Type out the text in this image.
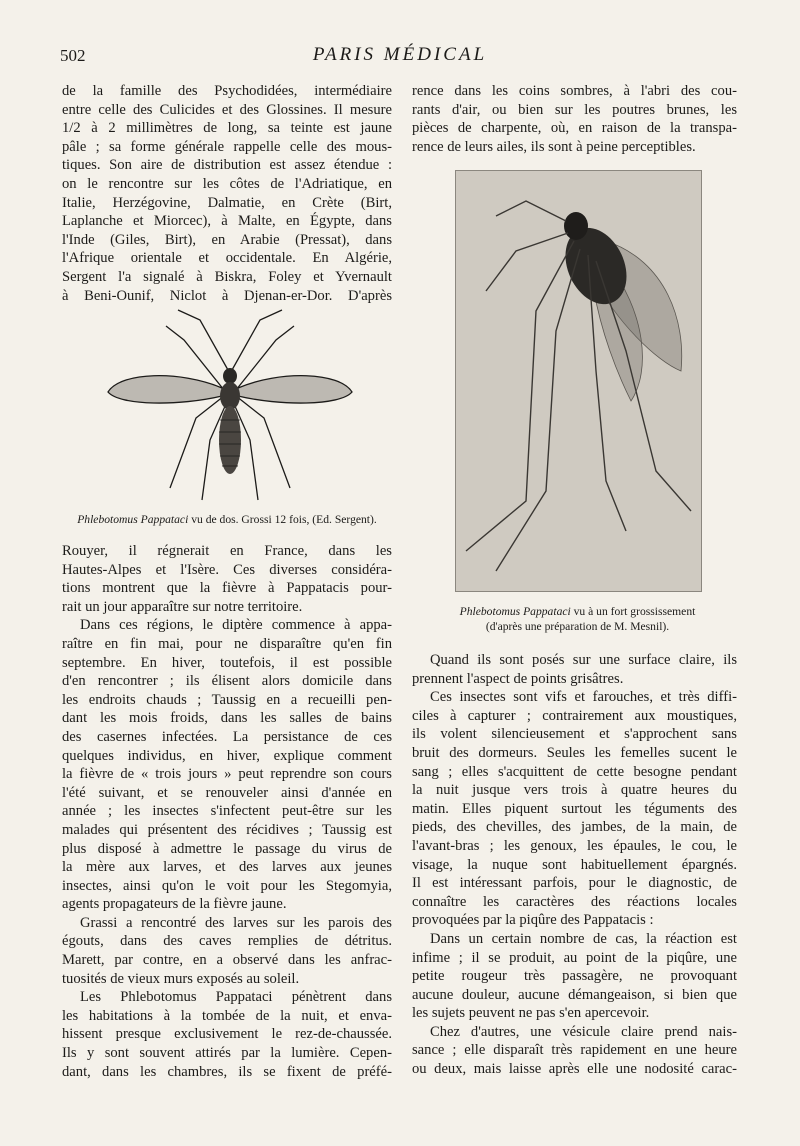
502	PARIS MÉDICAL
de la famille des Psychodidées, intermédiaire
entre celle des Culicides et des Glossines. Il mesure
1/2 à 2 millimètres de long, sa teinte est jaune
pâle ; sa forme générale rappelle celle des mous-
tiques. Son aire de distribution est assez étendue :
on le rencontre sur les côtes de l'Adriatique, en
Italie, Herzégovine, Dalmatie, en Crète (Birt,
Laplanche et Miorcec), à Malte, en Égypte, dans
l'Inde (Giles, Birt), en Arabie (Pressat), dans
l'Afrique orientale et occidentale. En Algérie,
Sergent l'a signalé à Biskra, Foley et Yvernault
à Beni-Ounif, Niclot à Djenan-er-Dor. D'après
Phlebotomus Pappataci vu de dos. Grossi 12 fois, (Ed. Sergent).
Rouyer, il régnerait en France, dans les
Hautes-Alpes et l'Isère. Ces diverses considéra-
tions montrent que la fièvre à Pappatacis pour-
rait un jour apparaître sur notre territoire.
Dans ces régions, le diptère commence à appa-
raître en fin mai, pour ne disparaître qu'en fin
septembre. En hiver, toutefois, il est possible
d'en rencontrer ; ils élisent alors domicile dans
les endroits chauds ; Taussig en a recueilli pen-
dant les mois froids, dans les salles de bains
des casernes infectées. La persistance de ces
quelques individus, en hiver, explique comment
la fièvre de « trois jours » peut reprendre son cours
l'été suivant, et se renouveler ainsi d'année en
année ; les insectes s'infectent peut-être sur les
malades qui présentent des récidives ; Taussig est
plus disposé à admettre le passage du virus de
la mère aux larves, et des larves aux jeunes
insectes, ainsi qu'on le voit pour les Stegomyia,
agents propagateurs de la fièvre jaune.
Grassi a rencontré des larves sur les parois des
égouts, dans des caves remplies de détritus.
Marett, par contre, en a observé dans les anfrac-
tuosités de vieux murs exposés au soleil.
Les Phlebotomus Pappataci pénètrent dans
les habitations à la tombée de la nuit, et enva-
hissent presque exclusivement le rez-de-chaussée.
Ils y sont souvent attirés par la lumière. Cepen-
dant, dans les chambres, ils se fixent de préfé-
rence dans les coins sombres, à l'abri des cou-
rants d'air, ou bien sur les poutres brunes, les
pièces de charpente, où, en raison de la transpa-
rence de leurs ailes, ils sont à peine perceptibles.
Phlebotomus Pappataci vu à un fort grossissement
(d'après une préparation de M. Mesnil).
Quand ils sont posés sur une surface claire, ils
prennent l'aspect de points grisâtres.
Ces insectes sont vifs et farouches, et très diffi-
ciles à capturer ; contrairement aux moustiques,
ils volent silencieusement et s'approchent sans
bruit des dormeurs. Seules les femelles sucent le
sang ; elles s'acquittent de cette besogne pendant
la nuit jusque vers trois à quatre heures du
matin. Elles piquent surtout les téguments des
pieds, des chevilles, des jambes, de la main, de
l'avant-bras ; les genoux, les épaules, le cou, le
visage, la nuque sont habituellement épargnés.
Il est intéressant parfois, pour le diagnostic, de
connaître les caractères des réactions locales
provoquées par la piqûre des Pappatacis :
Dans un certain nombre de cas, la réaction est
infime ; il se produit, au point de la piqûre, une
petite rougeur très passagère, ne provoquant
aucune douleur, aucune démangeaison, si bien que
les sujets peuvent ne pas s'en apercevoir.
Chez d'autres, une vésicule claire prend nais-
sance ; elle disparaît très rapidement en une heure
ou deux, mais laisse après elle une nodosité carac-
